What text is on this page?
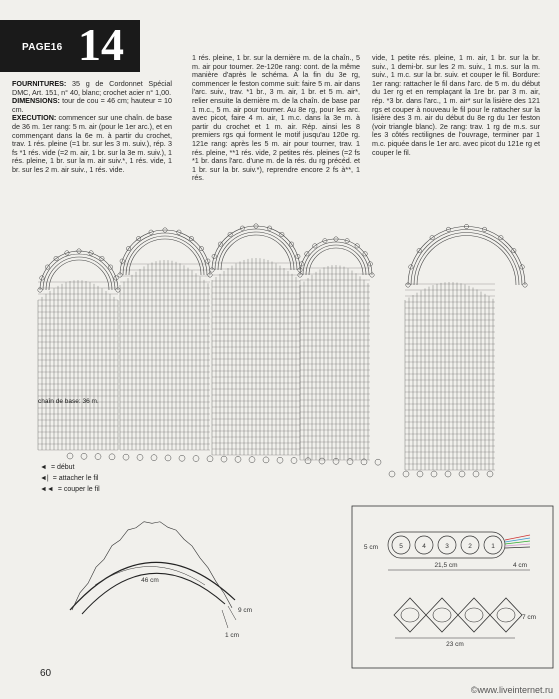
PAGE16 14
FOURNITURES: 35 g de Cordonnet Spécial DMC, Art. 151, n° 40, blanc; crochet acier n° 1,00.
DIMENSIONS: tour de cou = 46 cm; hauteur = 10 cm.
EXECUTION: commencer sur une chaîn. de base de 36 m. 1er rang: 5 m. air (pour le 1er arc.), et en commençant dans la 6e m. à partir du crochet, trav. 1 rés. pleine (=1 br. sur les 3 m. suiv.), rép. 3 fs *1 rés. vide (=2 m. air, 1 br. sur la 3e m. suiv.), 1 rés. pleine, 1 br. sur la m. air suiv.*, 1 rés. vide, 1 br. sur les 2 m. air suiv., 1 rés. vide.
1 rés. pleine, 1 br. sur la dernière m. de la chaîn., 5 m. air pour tourner. 2e-120e rang: cont. de la même manière d'après le schéma. A la fin du 3e rg, commencer le feston comme suit: faire 5 m. air dans l'arc. suiv., trav. *1 br., 3 m. air, 1 br. et 5 m. air*, relier ensuite la dernière m. de la chaîn. de base par 1 m.c., 5 m. air pour tourner. Au 8e rg, pour les arc. avec picot, faire 4 m. air, 1 m.c. dans la 3e m. à partir du crochet et 1 m. air. Rép. ainsi les 8 premiers rgs qui forment le motif jusqu'au 120e rg. 121e rang: après les 5 m. air pour tourner, trav. 1 rés. pleine, **1 rés. vide, 2 petites rés. pleines (=2 fs *1 br. dans l'arc. d'une m. de la rés. du rg précéd. et 1 br. sur la br. suiv.*), reprendre encore 2 fs à**, 1 rés.
vide, 1 petite rés. pleine, 1 m. air, 1 br. sur la br. suiv., 1 demi-br. sur les 2 m. suiv., 1 m.s. sur la m. suiv., 1 m.c. sur la br. suiv. et couper le fil. Bordure: 1er rang: rattacher le fil dans l'arc. de 5 m. du début du 1er rg et en remplaçant la 1re br. par 3 m. air, rép. *3 br. dans l'arc., 1 m. air* sur la lisière des 121 rgs et couper à nouveau le fil pour le rattacher sur la lisière des 3 m. air du début du 8e rg du 1er feston (voir triangle blanc). 2e rang: trav. 1 rg de m.s. sur les 3 côtés rectilignes de l'ouvrage, terminer par 1 m.c. piquée dans le 1er arc. avec picot du 121e rg et couper le fil.
chaîn de base: 36 m.
◄ = début
◄| = attacher le fil
◄◄ = couper le fil
46 cm
9 cm
1 cm
5	4	3	2	1
21,5 cm	4 cm
5 cm
23 cm
7 cm
60
©www.liveinternet.ru
